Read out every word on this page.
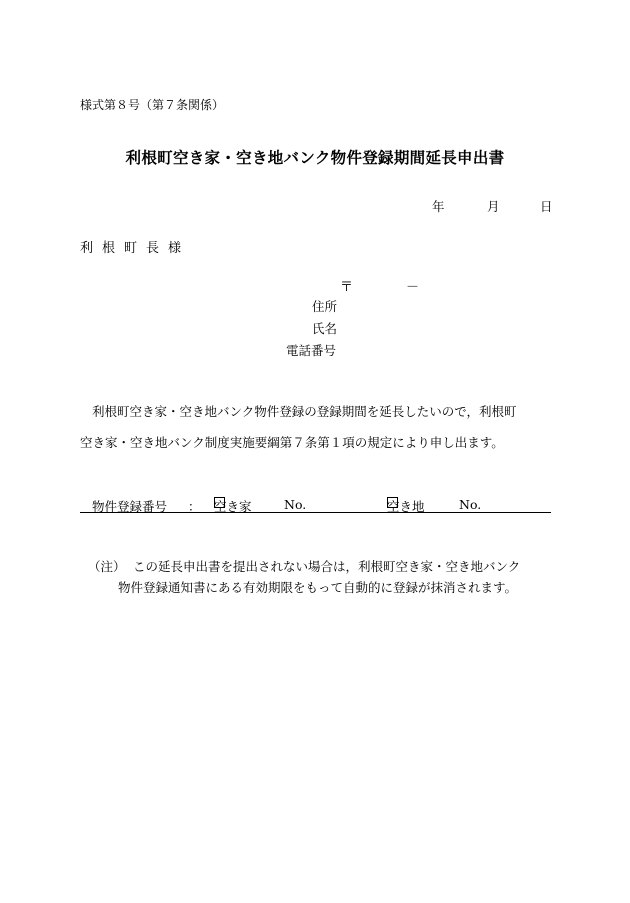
様式第８号（第７条関係）
利根町空き家・空き地バンク物件登録期間延長申出書
年	月	日
利根町長様
〒	－
住所
氏名
電話番号
利根町空き家・空き地バンク物件登録の登録期間を延長したいので，利根町
空き家・空き地バンク制度実施要綱第７条第１項の規定により申し出ます。
物件登録番号 ： 空き家	No.	空き地	No.
（注） この延長申出書を提出されない場合は，利根町空き家・空き地バンク
物件登録通知書にある有効期限をもって自動的に登録が抹消されます。
